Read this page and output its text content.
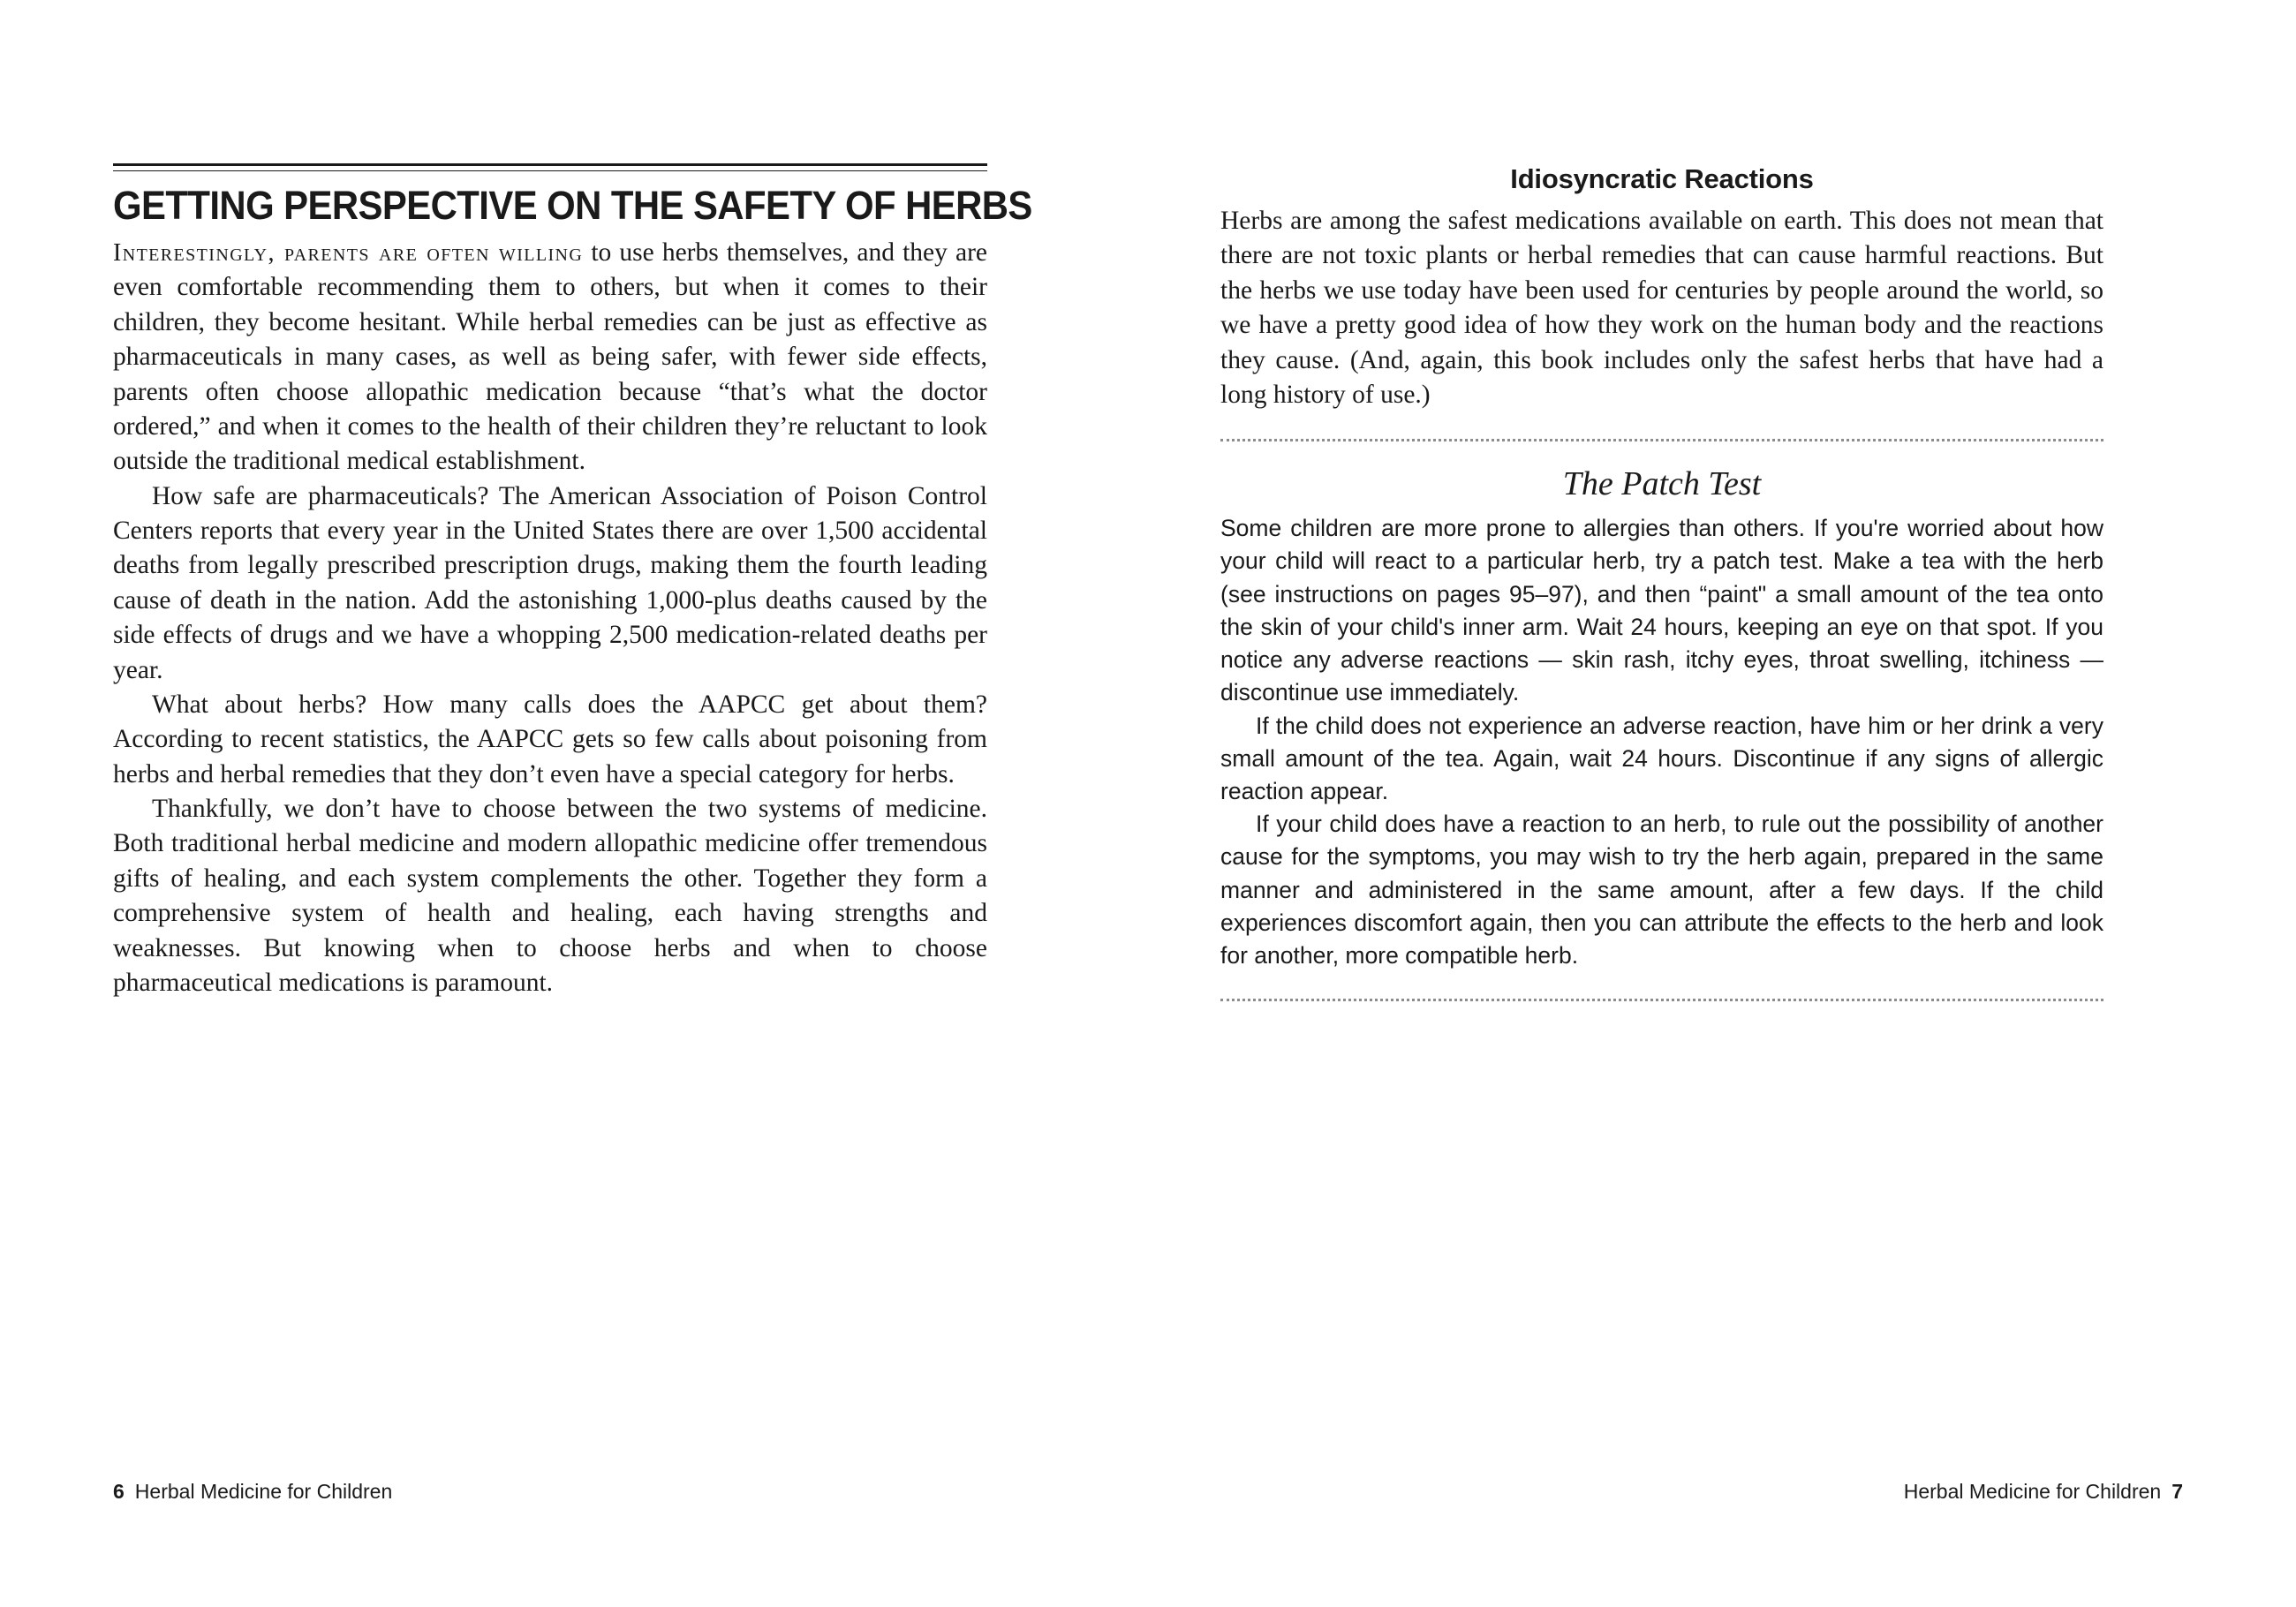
GETTING PERSPECTIVE ON THE SAFETY OF HERBS

Interestingly, parents are often willing to use herbs themselves, and they are even comfortable recommending them to others, but when it comes to their children, they become hesitant. While herbal remedies can be just as effective as pharmaceuticals in many cases, as well as being safer, with fewer side effects, parents often choose allopathic medication because “that’s what the doctor ordered,” and when it comes to the health of their children they’re reluctant to look outside the traditional medical establishment.

How safe are pharmaceuticals? The American Association of Poison Control Centers reports that every year in the United States there are over 1,500 accidental deaths from legally prescribed prescription drugs, making them the fourth leading cause of death in the nation. Add the astonishing 1,000-plus deaths caused by the side effects of drugs and we have a whopping 2,500 medication-related deaths per year.

What about herbs? How many calls does the AAPCC get about them? According to recent statistics, the AAPCC gets so few calls about poisoning from herbs and herbal remedies that they don’t even have a special category for herbs.

Thankfully, we don’t have to choose between the two systems of medicine. Both traditional herbal medicine and modern allopathic medicine offer tremendous gifts of healing, and each system complements the other. Together they form a comprehensive system of health and healing, each having strengths and weaknesses. But knowing when to choose herbs and when to choose pharmaceutical medications is paramount.

6 Herbal Medicine for Children
Idiosyncratic Reactions

Herbs are among the safest medications available on earth. This does not mean that there are not toxic plants or herbal remedies that can cause harmful reactions. But the herbs we use today have been used for centuries by people around the world, so we have a pretty good idea of how they work on the human body and the reactions they cause. (And, again, this book includes only the safest herbs that have had a long history of use.)

The Patch Test

Some children are more prone to allergies than others. If you're worried about how your child will react to a particular herb, try a patch test. Make a tea with the herb (see instructions on pages 95–97), and then “paint" a small amount of the tea onto the skin of your child's inner arm. Wait 24 hours, keeping an eye on that spot. If you notice any adverse reactions — skin rash, itchy eyes, throat swelling, itchiness — discontinue use immediately.

If the child does not experience an adverse reaction, have him or her drink a very small amount of the tea. Again, wait 24 hours. Discontinue if any signs of allergic reaction appear.

If your child does have a reaction to an herb, to rule out the possibility of another cause for the symptoms, you may wish to try the herb again, prepared in the same manner and administered in the same amount, after a few days. If the child experiences discomfort again, then you can attribute the effects to the herb and look for another, more compatible herb.

Herbal Medicine for Children 7
